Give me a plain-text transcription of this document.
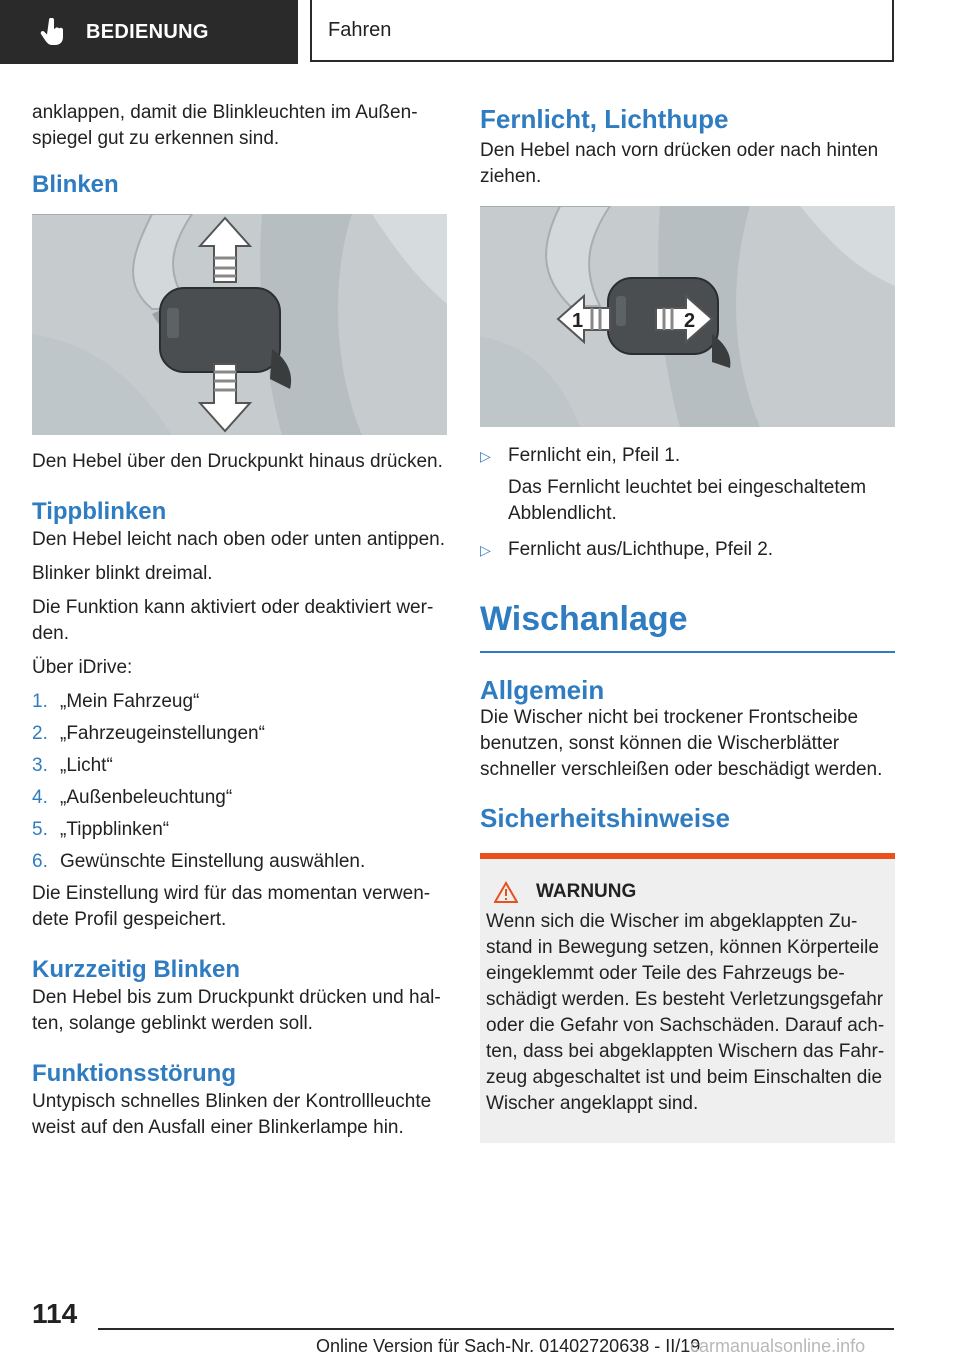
BEDIENUNG	Fahren

anklappen, damit die Blinkleuchten im Außenspiegel gut zu erkennen sind.

Blinken

Den Hebel über den Druckpunkt hinaus drücken.

Tippblinken

Den Hebel leicht nach oben oder unten antippen.

Blinker blinkt dreimal.

Die Funktion kann aktiviert oder deaktiviert werden.

Über iDrive:

1. „Mein Fahrzeug“
2. „Fahrzeugeinstellungen“
3. „Licht“
4. „Außenbeleuchtung“
5. „Tippblinken“
6. Gewünschte Einstellung auswählen.

Die Einstellung wird für das momentan verwendete Profil gespeichert.

Kurzzeitig Blinken

Den Hebel bis zum Druckpunkt drücken und halten, solange geblinkt werden soll.

Funktionsstörung

Untypisch schnelles Blinken der Kontrollleuchte weist auf den Ausfall einer Blinkerlampe hin.

Fernlicht, Lichthupe

Den Hebel nach vorn drücken oder nach hinten ziehen.

1	2
▷ Fernlicht ein, Pfeil 1.
Das Fernlicht leuchtet bei eingeschaltetem Abblendlicht.
▷ Fernlicht aus/Lichthupe, Pfeil 2.
Wischanlage
Allgemein

Die Wischer nicht bei trockener Frontscheibe benutzen, sonst können die Wischerblätter schneller verschleißen oder beschädigt werden.

Sicherheitshinweise
WARNUNG
Wenn sich die Wischer im abgeklappten Zustand in Bewegung setzen, können Körperteile eingeklemmt oder Teile des Fahrzeugs beschädigt werden. Es besteht Verletzungsgefahr oder die Gefahr von Sachschäden. Darauf achten, dass bei abgeklappten Wischern das Fahrzeug abgeschaltet ist und beim Einschalten die Wischer angeklappt sind.
114
Online Version für Sach-Nr. 01402720638 - II/19
carmanualsonline.info
